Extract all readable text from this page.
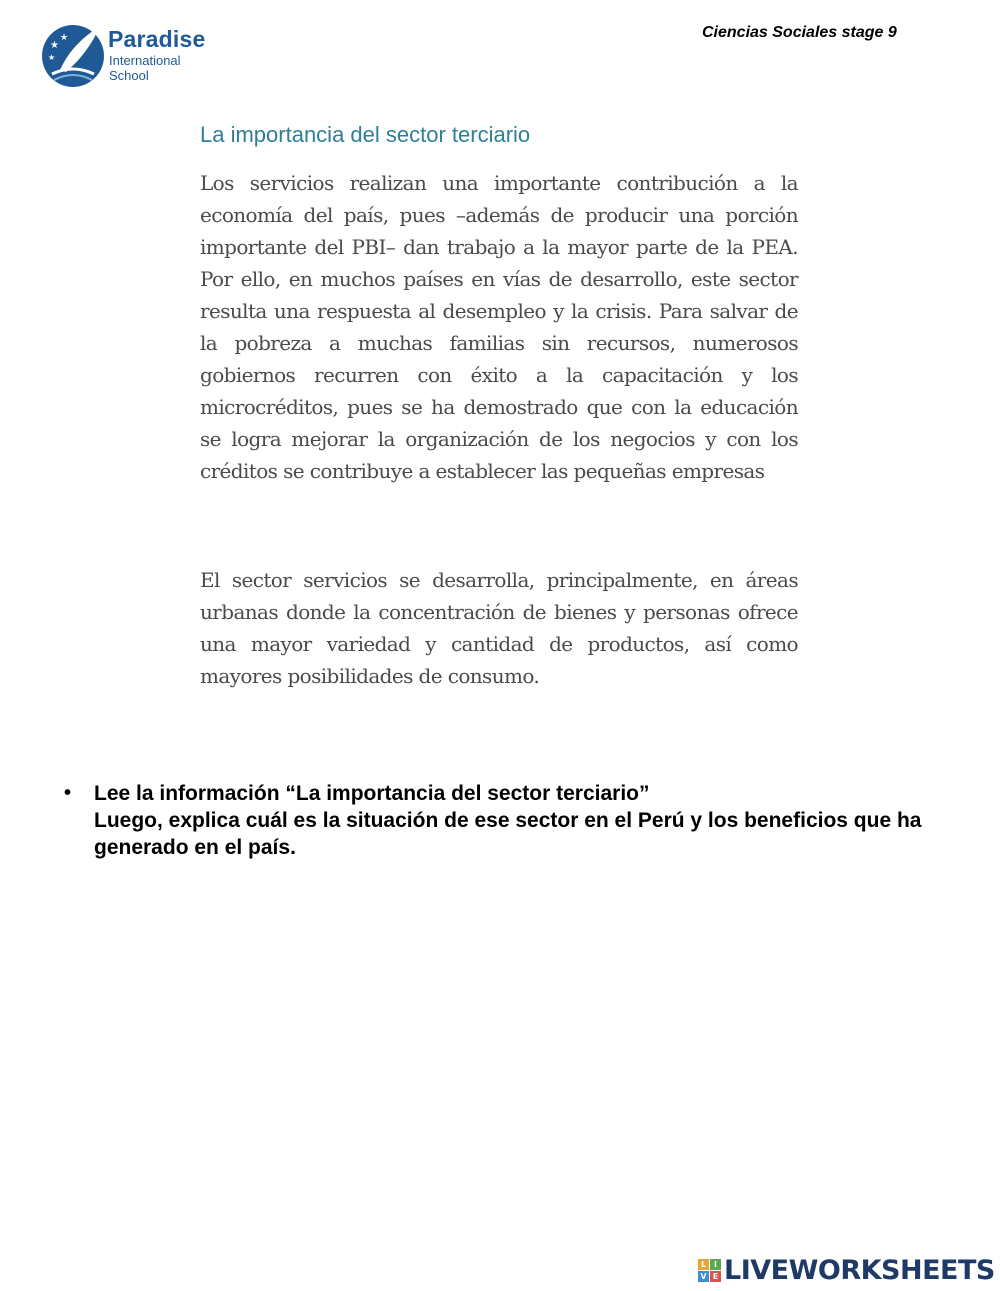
★
★
★
Paradise
International
School
Ciencias Sociales stage 9
La importancia del sector terciario

Los servicios realizan una importante contribución a la economía del país, pues –además de producir una porción importante del PBI– dan trabajo a la mayor parte de la PEA. Por ello, en muchos países en vías de desarrollo, este sector resulta una respuesta al desempleo y la crisis. Para salvar de la pobreza a muchas familias sin recursos, numerosos gobiernos recurren con éxito a la capacitación y los microcréditos, pues se ha demostrado que con la educación se logra mejorar la organización de los negocios y con los créditos se contribuye a establecer las pequeñas empresas

El sector servicios se desarrolla, principalmente, en áreas urbanas donde la concentración de bienes y personas ofrece una mayor variedad y cantidad de productos, así como mayores posibilidades de consumo.

• Lee la información “La importancia del sector terciario”
Luego, explica cuál es la situación de ese sector en el Perú y los beneficios que ha generado en el país.
L I
V E LIVEWORKSHEETS
